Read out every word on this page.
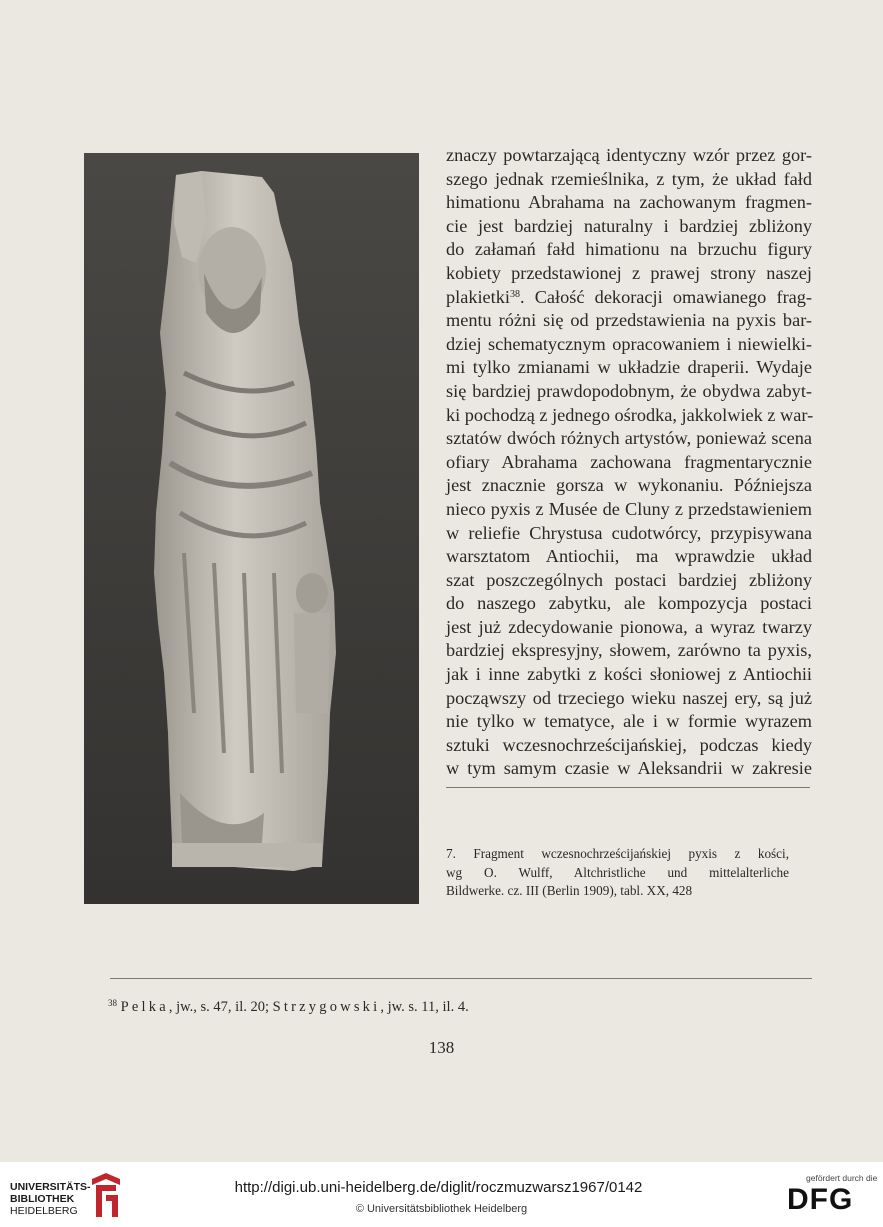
znaczy powtarzającą identyczny wzór przez gor-
szego jednak rzemieślnika, z tym, że układ fałd
himationu Abrahama na zachowanym fragmen-
cie jest bardziej naturalny i bardziej zbliżony
do załamań fałd himationu na brzuchu figury
kobiety przedstawionej z prawej strony naszej
plakietki$^{38}$. Całość dekoracji omawianego frag-
mentu różni się od przedstawienia na pyxis bar-
dziej schematycznym opracowaniem i niewielki-
mi tylko zmianami w układzie draperii. Wydaje
się bardziej prawdopodobnym, że obydwa zabyt-
ki pochodzą z jednego ośrodka, jakkolwiek z war-
sztatów dwóch różnych artystów, ponieważ scena
ofiary Abrahama zachowana fragmentarycznie
jest znacznie gorsza w wykonaniu. Późniejsza
nieco pyxis z Musée de Cluny z przedstawieniem
w reliefie Chrystusa cudotwórcy, przypisywana
warsztatom Antiochii, ma wprawdzie układ
szat poszczególnych postaci bardziej zbliżony
do naszego zabytku, ale kompozycja postaci
jest już zdecydowanie pionowa, a wyraz twarzy
bardziej ekspresyjny, słowem, zarówno ta pyxis,
jak i inne zabytki z kości słoniowej z Antiochii
począwszy od trzeciego wieku naszej ery, są już
nie tylko w tematyce, ale i w formie wyrazem
sztuki wczesnochrześcijańskiej, podczas kiedy
w tym samym czasie w Aleksandrii w zakresie
7. Fragment wczesnochrześcijańskiej pyxis z kości,
wg O. Wulff, Altchristliche und mittelalterliche
Bildwerke. cz. III (Berlin 1909), tabl. XX, 428
$^{38}$ Pelka, jw., s. 47, il. 20; Strzygowski, jw. s. 11, il. 4.
138
UNIVERSITÄTS-
BIBLIOTHEK
HEIDELBERG
http://digi.ub.uni-heidelberg.de/diglit/roczmuzwarsz1967/0142
© Universitätsbibliothek Heidelberg
gefördert durch die
DFG
